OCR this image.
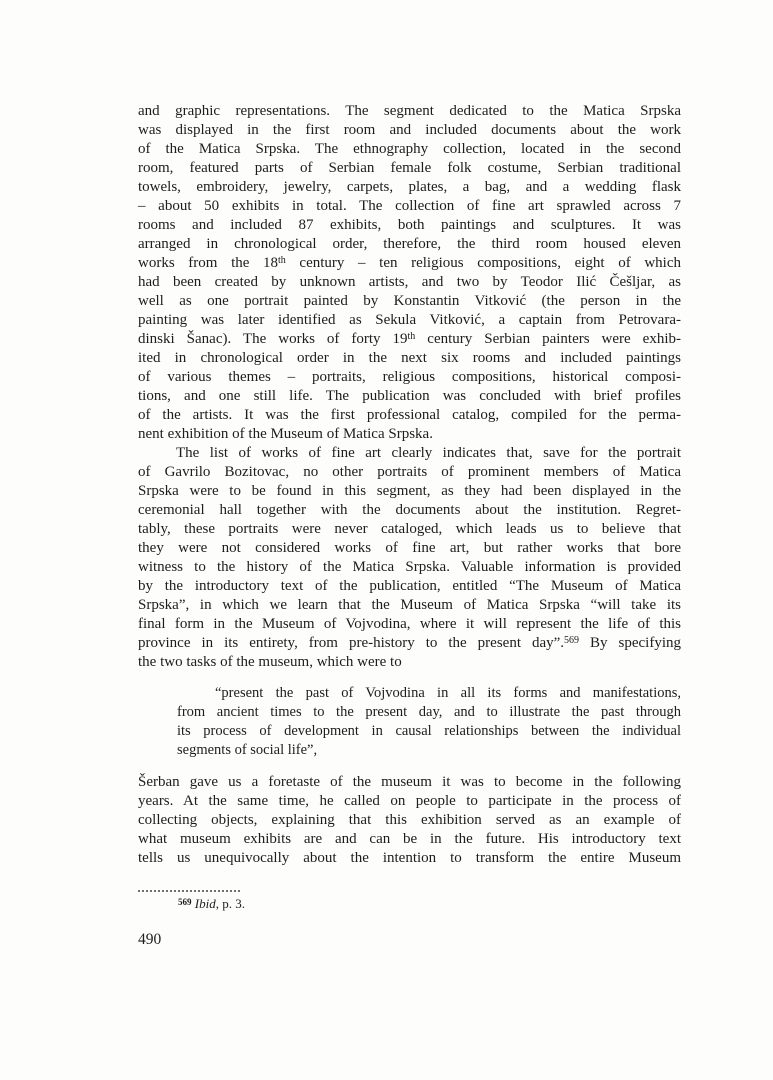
and graphic representations. The segment dedicated to the Matica Srpska
was displayed in the first room and included documents about the work
of the Matica Srpska. The ethnography collection, located in the second
room, featured parts of Serbian female folk costume, Serbian traditional
towels, embroidery, jewelry, carpets, plates, a bag, and a wedding flask
– about 50 exhibits in total. The collection of fine art sprawled across 7
rooms and included 87 exhibits, both paintings and sculptures. It was
arranged in chronological order, therefore, the third room housed eleven
works from the 18th century – ten religious compositions, eight of which
had been created by unknown artists, and two by Teodor Ilić Češljar, as
well as one portrait painted by Konstantin Vitković (the person in the
painting was later identified as Sekula Vitković, a captain from Petrovara-
dinski Šanac). The works of forty 19th century Serbian painters were exhib-
ited in chronological order in the next six rooms and included paintings
of various themes – portraits, religious compositions, historical composi-
tions, and one still life. The publication was concluded with brief profiles
of the artists. It was the first professional catalog, compiled for the perma-
nent exhibition of the Museum of Matica Srpska.
The list of works of fine art clearly indicates that, save for the portrait
of Gavrilo Bozitovac, no other portraits of prominent members of Matica
Srpska were to be found in this segment, as they had been displayed in the
ceremonial hall together with the documents about the institution. Regret-
tably, these portraits were never cataloged, which leads us to believe that
they were not considered works of fine art, but rather works that bore
witness to the history of the Matica Srpska. Valuable information is provided
by the introductory text of the publication, entitled “The Museum of Matica
Srpska”, in which we learn that the Museum of Matica Srpska “will take its
final form in the Museum of Vojvodina, where it will represent the life of this
province in its entirety, from pre-history to the present day”.$^{569}$ By specifying
the two tasks of the museum, which were to
“present the past of Vojvodina in all its forms and manifestations,
from ancient times to the present day, and to illustrate the past through
its process of development in causal relationships between the individual
segments of social life”,
Šerban gave us a foretaste of the museum it was to become in the following
years. At the same time, he called on people to participate in the process of
collecting objects, explaining that this exhibition served as an example of
what museum exhibits are and can be in the future. His introductory text
tells us unequivocally about the intention to transform the entire Museum
$^{569}$ Ibid, p. 3.
490
